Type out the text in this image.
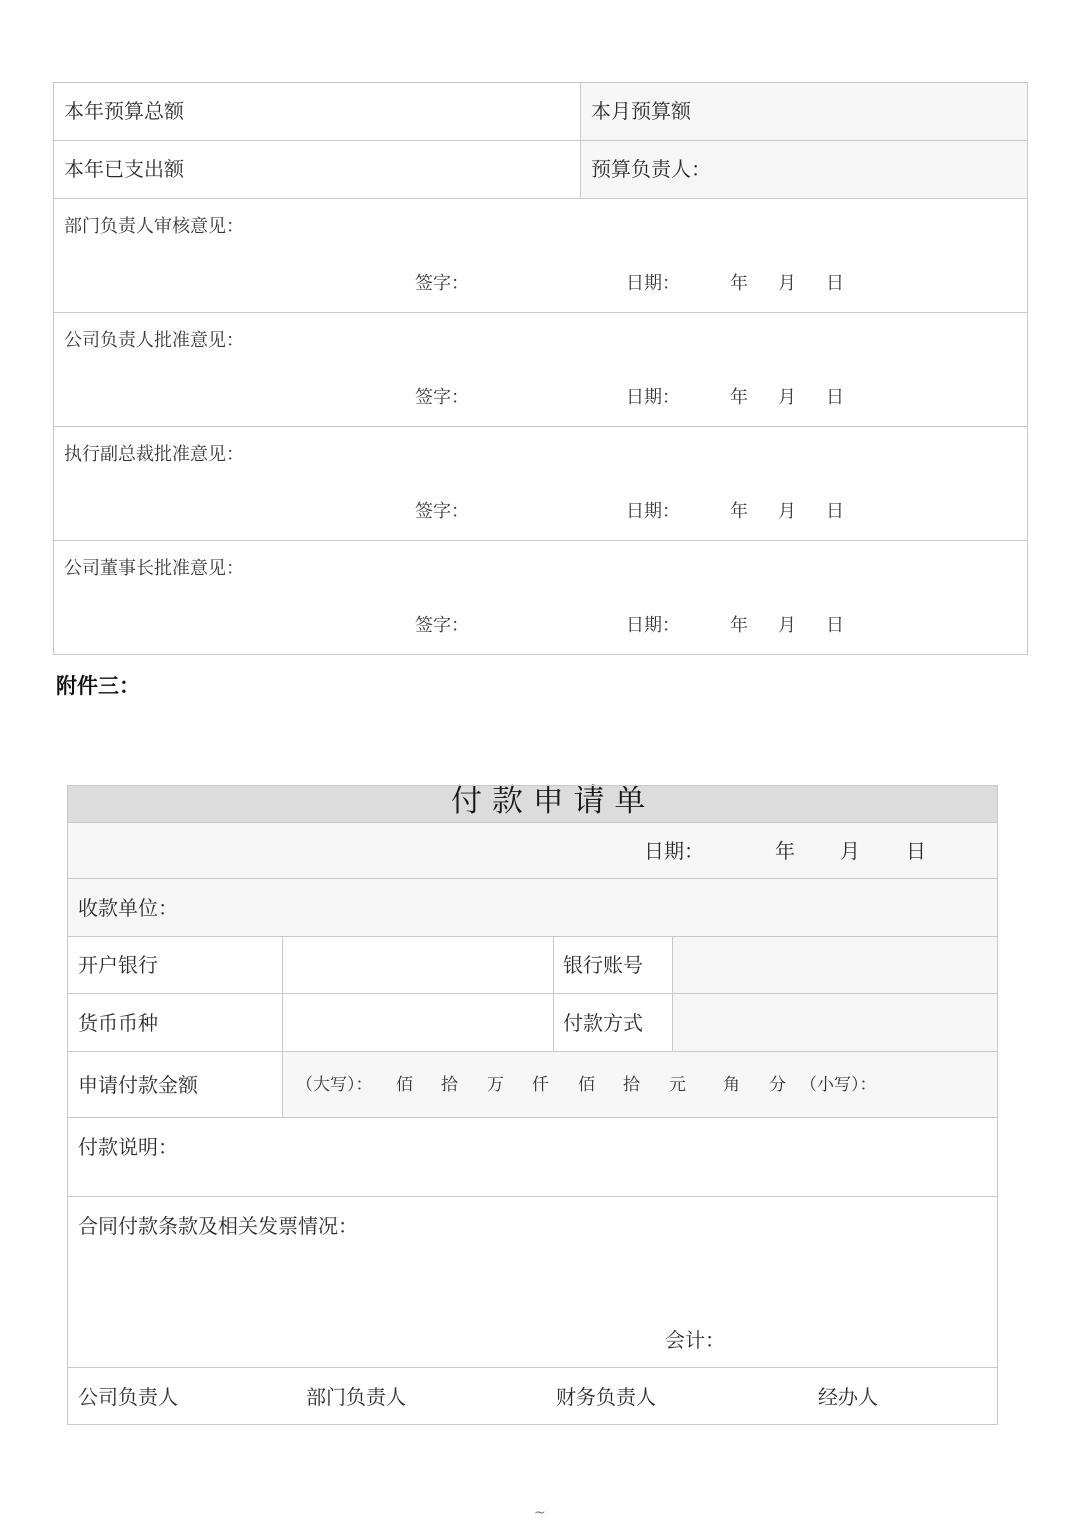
本年预算总额	本月预算额
本年已支出额	预算负责人：
部门负责人审核意见：
签字：	日期：	年 月 日
公司负责人批准意见：
签字：	日期：	年 月 日
执行副总裁批准意见：
签字：	日期：	年 月 日
公司董事长批准意见：
签字：	日期：	年 月 日
附件三：
付 款 申 请 单
日期：	年 月 日
收款单位：
开户银行	银行账号
货币币种	付款方式
申请付款金额	（大写）： 佰 拾 万 仟 佰 拾 元 角 分 （小写）：
付款说明：
合同付款条款及相关发票情况：
会计：
公司负责人	部门负责人	财务负责人	经办人
~
